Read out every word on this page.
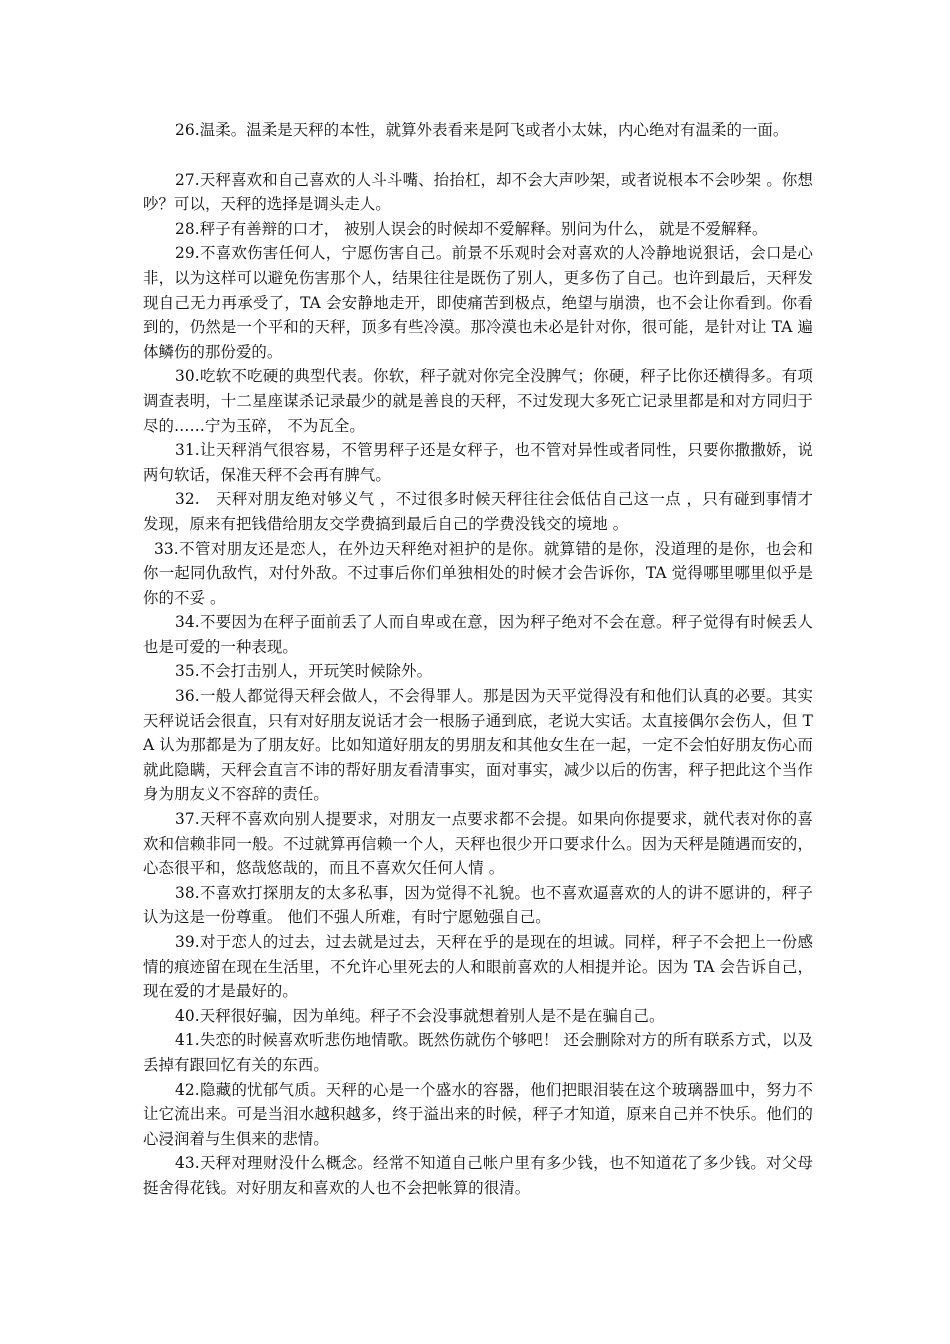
26.温柔。温柔是天秤的本性，就算外表看来是阿飞或者小太妹，内心绝对有温柔的一面。

27.天秤喜欢和自己喜欢的人斗斗嘴、抬抬杠，却不会大声吵架，或者说根本不会吵架 。你想吵？可以，天秤的选择是调头走人。

28.秤子有善辩的口才， 被别人误会的时候却不爱解释。别问为什么， 就是不爱解释。

29.不喜欢伤害任何人，宁愿伤害自己。前景不乐观时会对喜欢的人冷静地说狠话，会口是心非，以为这样可以避免伤害那个人，结果往往是既伤了别人，更多伤了自己。也许到最后，天秤发现自己无力再承受了，TA 会安静地走开，即使痛苦到极点，绝望与崩溃，也不会让你看到。你看到的，仍然是一个平和的天秤，顶多有些冷漠。那冷漠也未必是针对你，很可能，是针对让 TA 遍体鳞伤的那份爱的。

30.吃软不吃硬的典型代表。你软，秤子就对你完全没脾气；你硬，秤子比你还横得多。有项调查表明，十二星座谋杀记录最少的就是善良的天秤，不过发现大多死亡记录里都是和对方同归于尽的……宁为玉碎， 不为瓦全。

31.让天秤消气很容易，不管男秤子还是女秤子，也不管对异性或者同性，只要你撒撒娇，说两句软话，保准天秤不会再有脾气。

32.　天秤对朋友绝对够义气 ，不过很多时候天秤往往会低估自己这一点 ，只有碰到事情才发现，原来有把钱借给朋友交学费搞到最后自己的学费没钱交的境地 。

33.不管对朋友还是恋人，在外边天秤绝对袒护的是你。就算错的是你，没道理的是你，也会和你一起同仇敌忾，对付外敌。不过事后你们单独相处的时候才会告诉你，TA 觉得哪里哪里似乎是你的不妥 。

34.不要因为在秤子面前丢了人而自卑或在意，因为秤子绝对不会在意。秤子觉得有时候丢人也是可爱的一种表现。

35.不会打击别人，开玩笑时候除外。

36.一般人都觉得天秤会做人，不会得罪人。那是因为天平觉得没有和他们认真的必要。其实天秤说话会很直，只有对好朋友说话才会一根肠子通到底，老说大实话。太直接偶尔会伤人，但 TA 认为那都是为了朋友好。比如知道好朋友的男朋友和其他女生在一起，一定不会怕好朋友伤心而就此隐瞒，天秤会直言不讳的帮好朋友看清事实，面对事实，减少以后的伤害，秤子把此这个当作身为朋友义不容辞的责任。

37.天秤不喜欢向别人提要求，对朋友一点要求都不会提。如果向你提要求，就代表对你的喜欢和信赖非同一般。不过就算再信赖一个人，天秤也很少开口要求什么。因为天秤是随遇而安的，心态很平和，悠哉悠哉的，而且不喜欢欠任何人情 。

38.不喜欢打探朋友的太多私事，因为觉得不礼貌。也不喜欢逼喜欢的人的讲不愿讲的，秤子认为这是一份尊重。 他们不强人所难，有时宁愿勉强自己。

39.对于恋人的过去，过去就是过去，天秤在乎的是现在的坦诚。同样，秤子不会把上一份感情的痕迹留在现在生活里，不允许心里死去的人和眼前喜欢的人相提并论。因为 TA 会告诉自己，现在爱的才是最好的。

40.天秤很好骗，因为单纯。秤子不会没事就想着别人是不是在骗自己。

41.失恋的时候喜欢听悲伤地情歌。既然伤就伤个够吧！ 还会删除对方的所有联系方式，以及丢掉有跟回忆有关的东西。

42.隐藏的忧郁气质。天秤的心是一个盛水的容器，他们把眼泪装在这个玻璃器皿中，努力不让它流出来。可是当泪水越积越多，终于溢出来的时候，秤子才知道，原来自己并不快乐。他们的心浸润着与生俱来的悲情。

43.天秤对理财没什么概念。经常不知道自己帐户里有多少钱，也不知道花了多少钱。对父母挺舍得花钱。对好朋友和喜欢的人也不会把帐算的很清。
